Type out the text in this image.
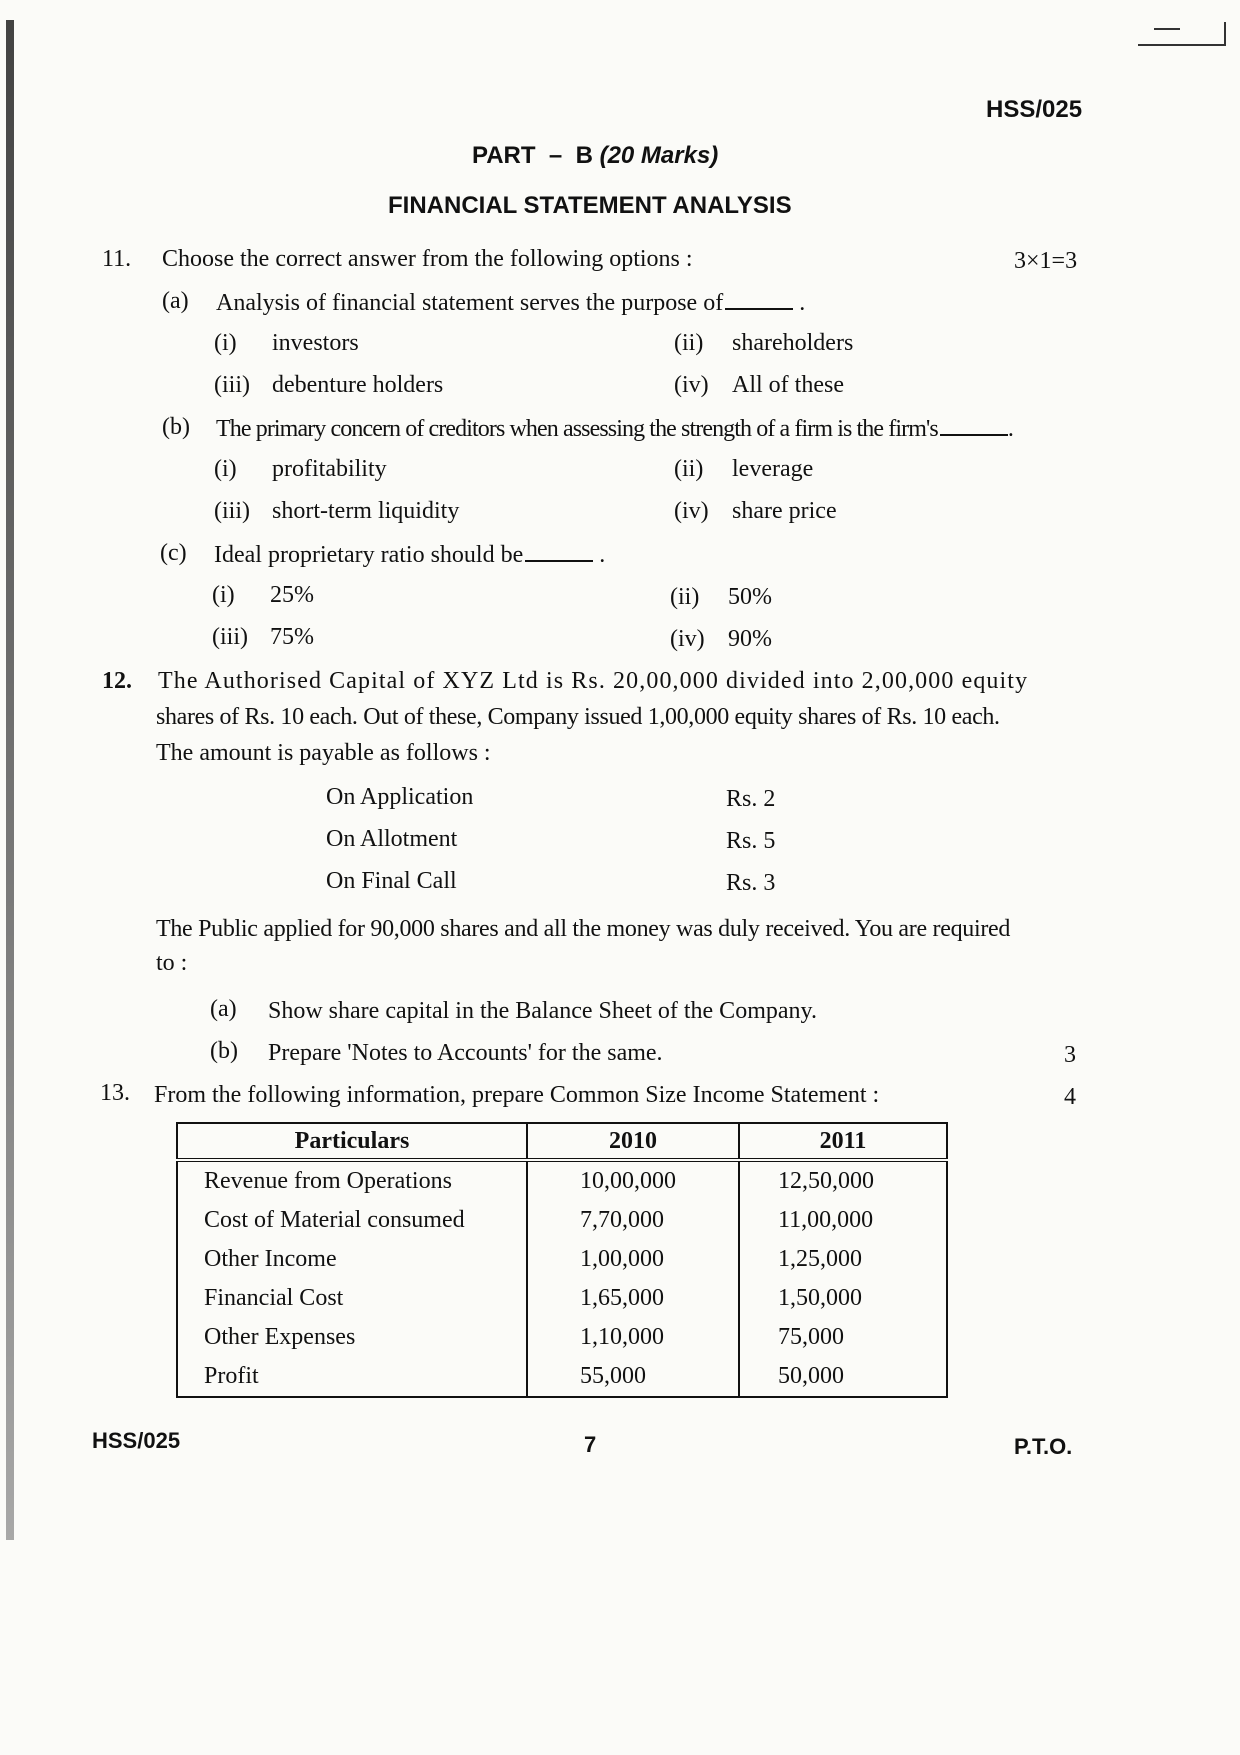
HSS/025
PART  –  B (20 Marks)
FINANCIAL STATEMENT ANALYSIS
11. Choose the correct answer from the following options :	3×1=3
(a) Analysis of financial statement serves the purpose of	.
(i) investors	(ii) shareholders
(iii) debenture holders	(iv) All of these
(b) The primary concern of creditors when assessing the strength of a firm is the firm's	.
(i) profitability	(ii) leverage
(iii) short-term liquidity	(iv) share price
(c) Ideal proprietary ratio should be	.
(i) 25%	(ii) 50%
(iii) 75%	(iv) 90%
12. The Authorised Capital of XYZ Ltd is Rs. 20,00,000 divided into 2,00,000 equity
shares of Rs. 10 each. Out of these, Company issued 1,00,000 equity shares of Rs. 10 each.
The amount is payable as follows :
On Application	Rs. 2
On Allotment	Rs. 5
On Final Call	Rs. 3
The Public applied for 90,000 shares and all the money was duly received. You are required
to :
(a) Show share capital in the Balance Sheet of the Company.
(b) Prepare 'Notes to Accounts' for the same.	3
13. From the following information, prepare Common Size Income Statement :	4
Particulars	2010	2011
Revenue from Operations	10,00,000	12,50,000
Cost of Material consumed	7,70,000	11,00,000
Other Income	1,00,000	1,25,000
Financial Cost	1,65,000	1,50,000
Other Expenses	1,10,000	75,000
Profit	55,000	50,000
HSS/025	7	P.T.O.
